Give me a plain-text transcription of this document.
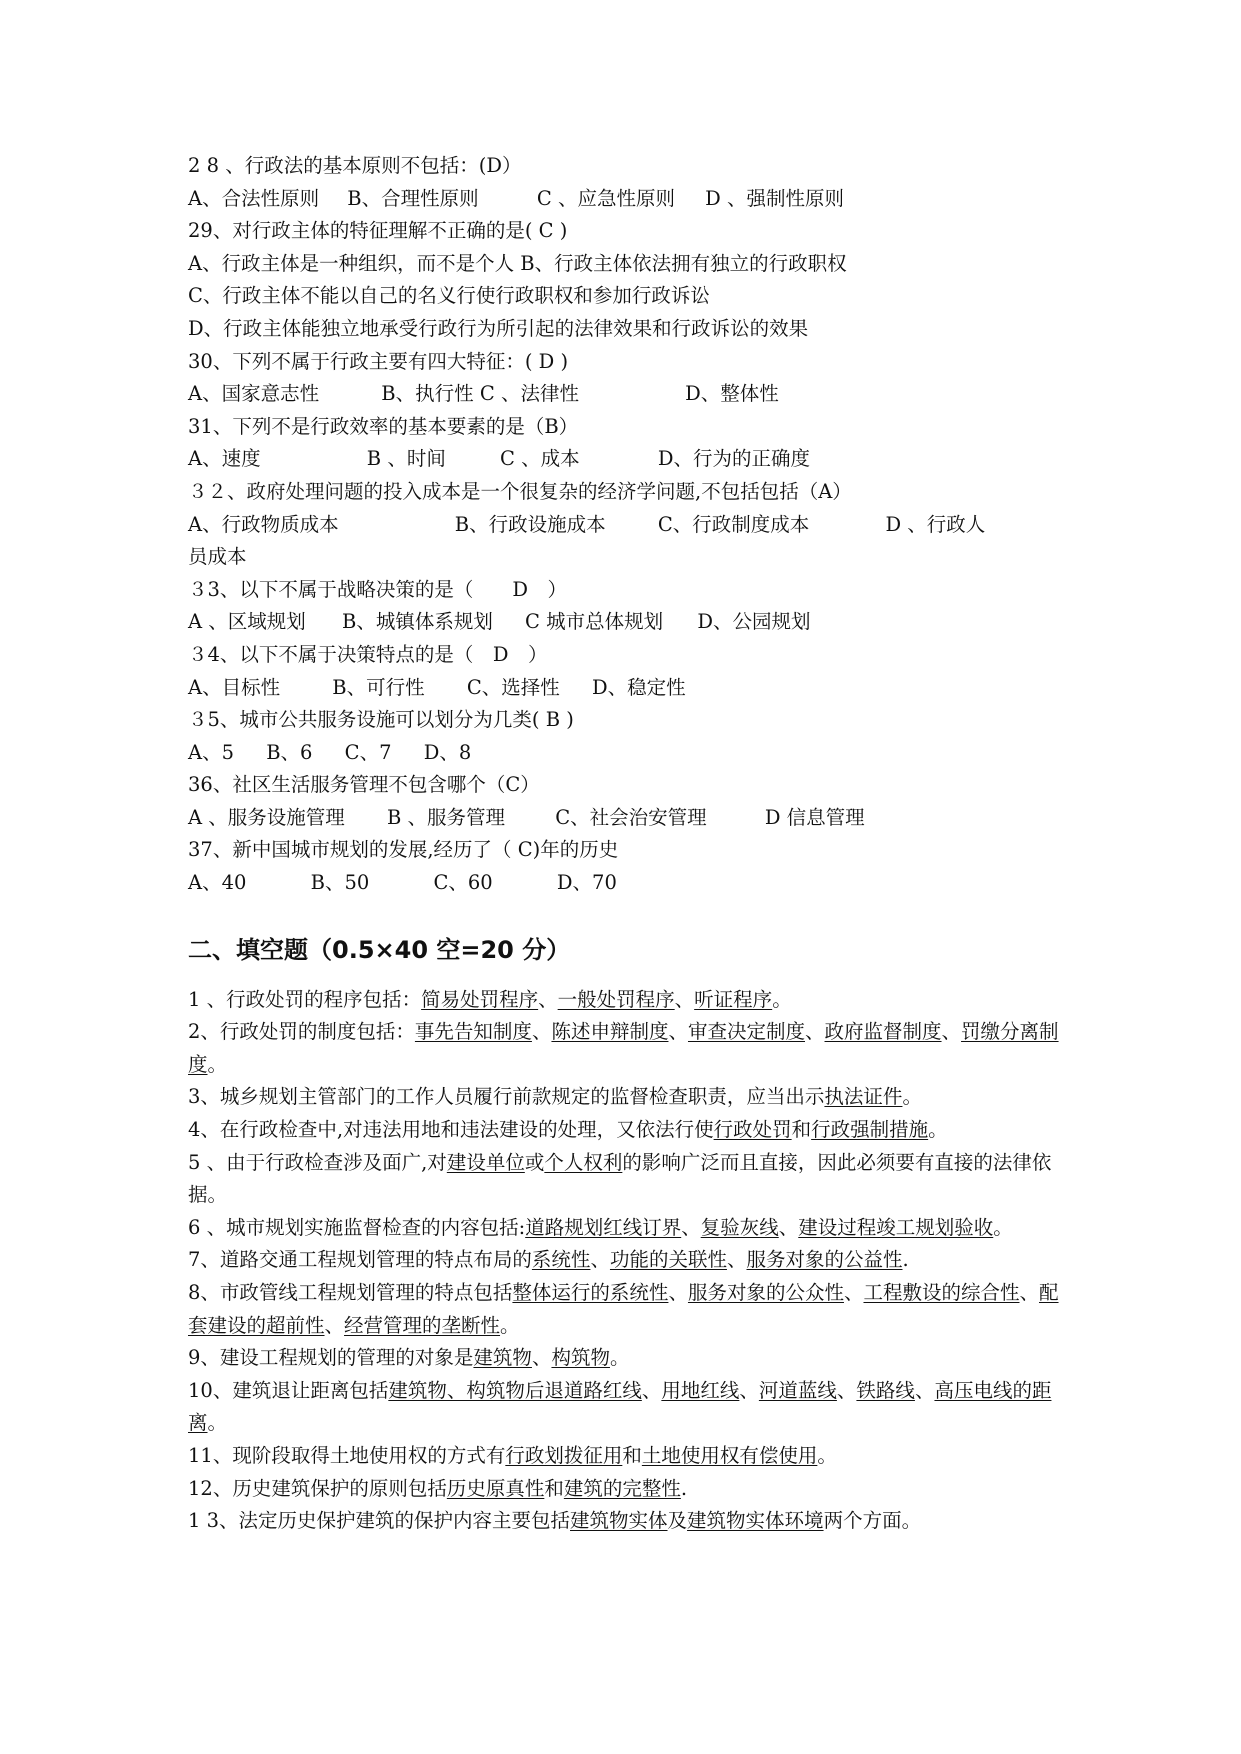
2 8 、行政法的基本原则不包括：(D）
A、合法性原则 B、合理性原则	C 、应急性原则 D 、强制性原则
29、对行政主体的特征理解不正确的是( C )
A、行政主体是一种组织，而不是个人 B、行政主体依法拥有独立的行政职权
C、行政主体不能以自己的名义行使行政职权和参加行政诉讼
D、行政主体能独立地承受行政行为所引起的法律效果和行政诉讼的效果
30、下列不属于行政主要有四大特征：( D )
A、国家意志性	B、执行性 C 、法律性	D、整体性
31、下列不是行政效率的基本要素的是（B）
A、速度	B 、时间	C 、成本	D、行为的正确度
３２、政府处理问题的投入成本是一个很复杂的经济学问题,不包括包括（A）
A、行政物质成本	B、行政设施成本	C、行政制度成本	D 、行政人
员成本
３3、以下不属于战略决策的是（　　D　）
A 、区域规划 B、城镇体系规划 C 城市总体规划 D、公园规划
３4、以下不属于决策特点的是（　D　）
A、目标性	B、可行性 C、选择性 D、稳定性
３5、城市公共服务设施可以划分为几类( B )
A、5 B、6 C、7 D、8
36、社区生活服务管理不包含哪个（C）
A 、服务设施管理 B 、服务管理	C、社会治安管理	D 信息管理
37、新中国城市规划的发展,经历了（ C)年的历史
A、40	B、50	C、60	D、70
二、填空题（0.5×40 空=20 分）
1 、行政处罚的程序包括：简易处罚程序、一般处罚程序、听证程序。
2、行政处罚的制度包括：事先告知制度、陈述申辩制度、审查决定制度、政府监督制度、罚缴分离制度。
3、城乡规划主管部门的工作人员履行前款规定的监督检查职责，应当出示执法证件。
4、在行政检查中,对违法用地和违法建设的处理，又依法行使行政处罚和行政强制措施。
5 、由于行政检查涉及面广,对建设单位或个人权利的影响广泛而且直接，因此必须要有直接的法律依据。
6 、城市规划实施监督检查的内容包括:道路规划红线订界、复验灰线、建设过程竣工规划验收。
7、道路交通工程规划管理的特点布局的系统性、功能的关联性、服务对象的公益性.
8、市政管线工程规划管理的特点包括整体运行的系统性、服务对象的公众性、工程敷设的综合性、配套建设的超前性、经营管理的垄断性。
9、建设工程规划的管理的对象是建筑物、构筑物。
10、建筑退让距离包括建筑物、构筑物后退道路红线、用地红线、河道蓝线、铁路线、高压电线的距离。
11、现阶段取得土地使用权的方式有行政划拨征用和土地使用权有偿使用。
12、历史建筑保护的原则包括历史原真性和建筑的完整性.
1 3、法定历史保护建筑的保护内容主要包括建筑物实体及建筑物实体环境两个方面。
